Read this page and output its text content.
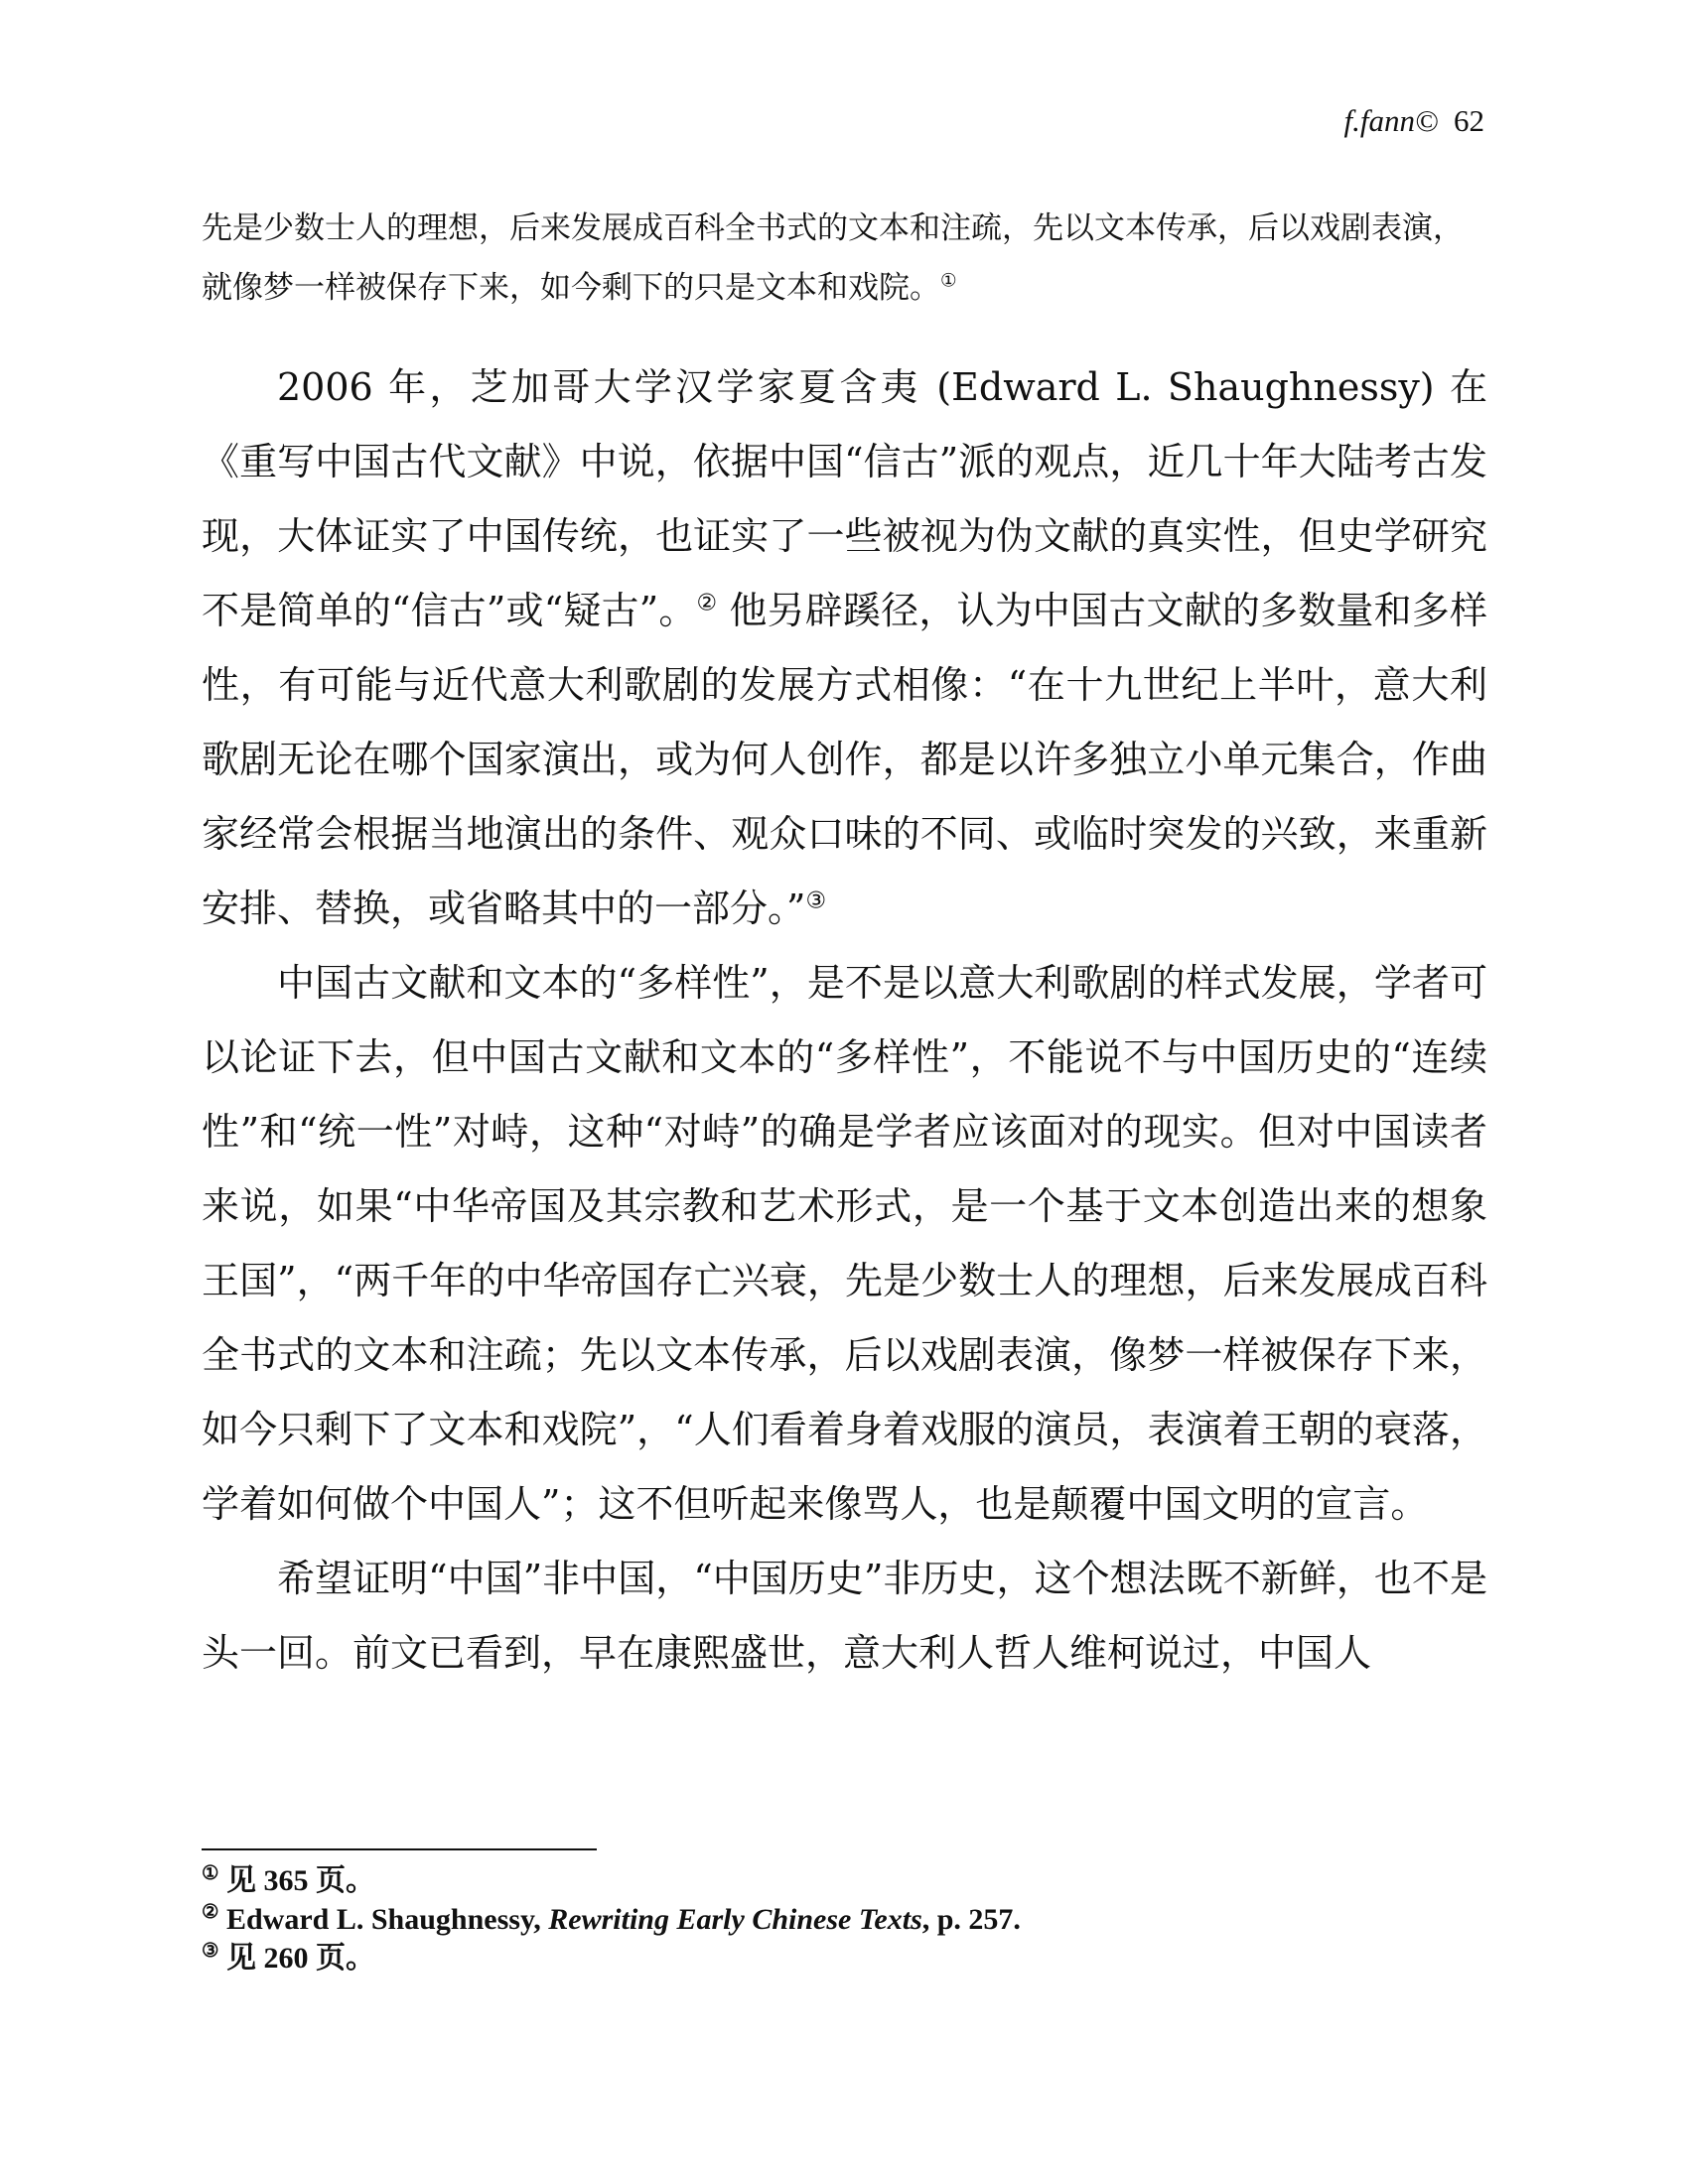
f.fann© 62

先是少数士人的理想，后来发展成百科全书式的文本和注疏，先以文本传承，后以戏剧表演，就像梦一样被保存下来，如今剩下的只是文本和戏院。①

2006 年，芝加哥大学汉学家夏含夷 (Edward L. Shaughnessy) 在《重写中国古代文献》中说，依据中国“信古”派的观点，近几十年大陆考古发现，大体证实了中国传统，也证实了一些被视为伪文献的真实性，但史学研究不是简单的“信古”或“疑古”。② 他另辟蹊径，认为中国古文献的多数量和多样性，有可能与近代意大利歌剧的发展方式相像：“在十九世纪上半叶，意大利歌剧无论在哪个国家演出，或为何人创作，都是以许多独立小单元集合，作曲家经常会根据当地演出的条件、观众口味的不同、或临时突发的兴致，来重新安排、替换，或省略其中的一部分。”③

中国古文献和文本的“多样性”，是不是以意大利歌剧的样式发展，学者可以论证下去，但中国古文献和文本的“多样性”，不能说不与中国历史的“连续性”和“统一性”对峙，这种“对峙”的确是学者应该面对的现实。但对中国读者来说，如果“中华帝国及其宗教和艺术形式，是一个基于文本创造出来的想象王国”，“两千年的中华帝国存亡兴衰，先是少数士人的理想，后来发展成百科全书式的文本和注疏；先以文本传承，后以戏剧表演，像梦一样被保存下来，如今只剩下了文本和戏院”，“人们看着身着戏服的演员，表演着王朝的衰落，学着如何做个中国人”；这不但听起来像骂人，也是颠覆中国文明的宣言。

希望证明“中国”非中国，“中国历史”非历史，这个想法既不新鲜，也不是头一回。前文已看到，早在康熙盛世，意大利人哲人维柯说过，中国人

① 见 365 页。

② Edward L. Shaughnessy, Rewriting Early Chinese Texts, p. 257.

③ 见 260 页。
